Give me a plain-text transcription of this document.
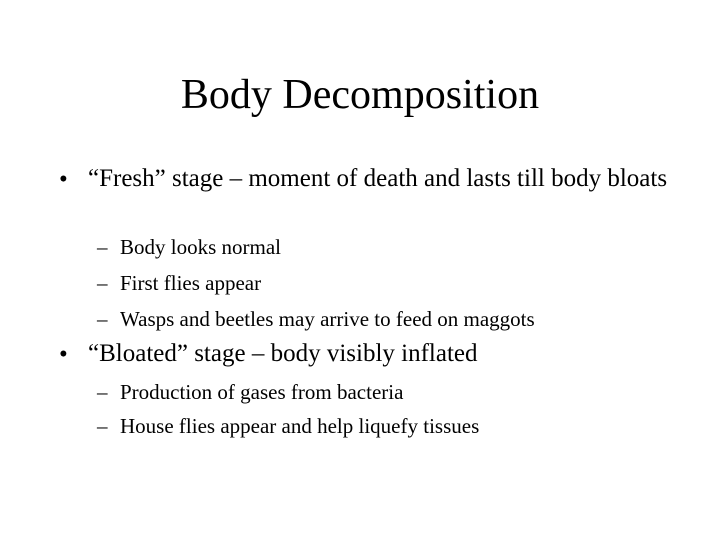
Body Decomposition
• “Fresh” stage – moment of death and lasts till body bloats
– Body looks normal
– First flies appear
– Wasps and beetles may arrive to feed on maggots
• “Bloated” stage – body visibly inflated
– Production of gases from bacteria
– House flies appear and help liquefy tissues
